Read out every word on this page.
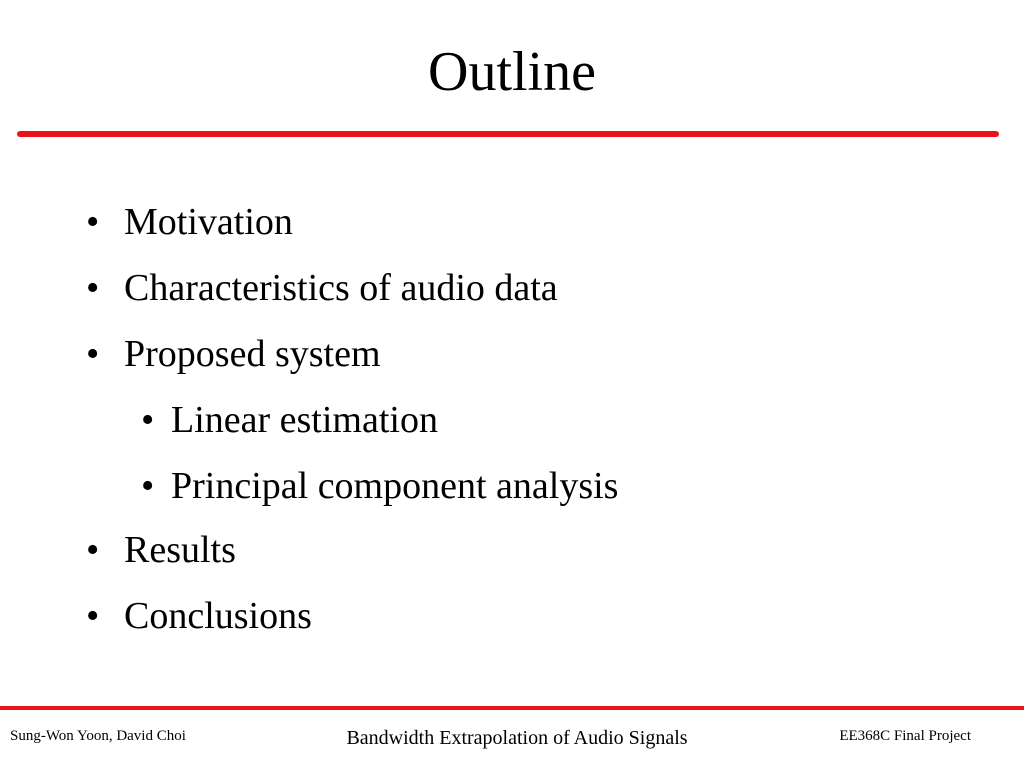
Outline
• Motivation
• Characteristics of audio data
• Proposed system
• Linear estimation
• Principal component analysis
• Results
• Conclusions
Sung-Won Yoon, David Choi	Bandwidth Extrapolation of Audio Signals	EE368C Final Project
